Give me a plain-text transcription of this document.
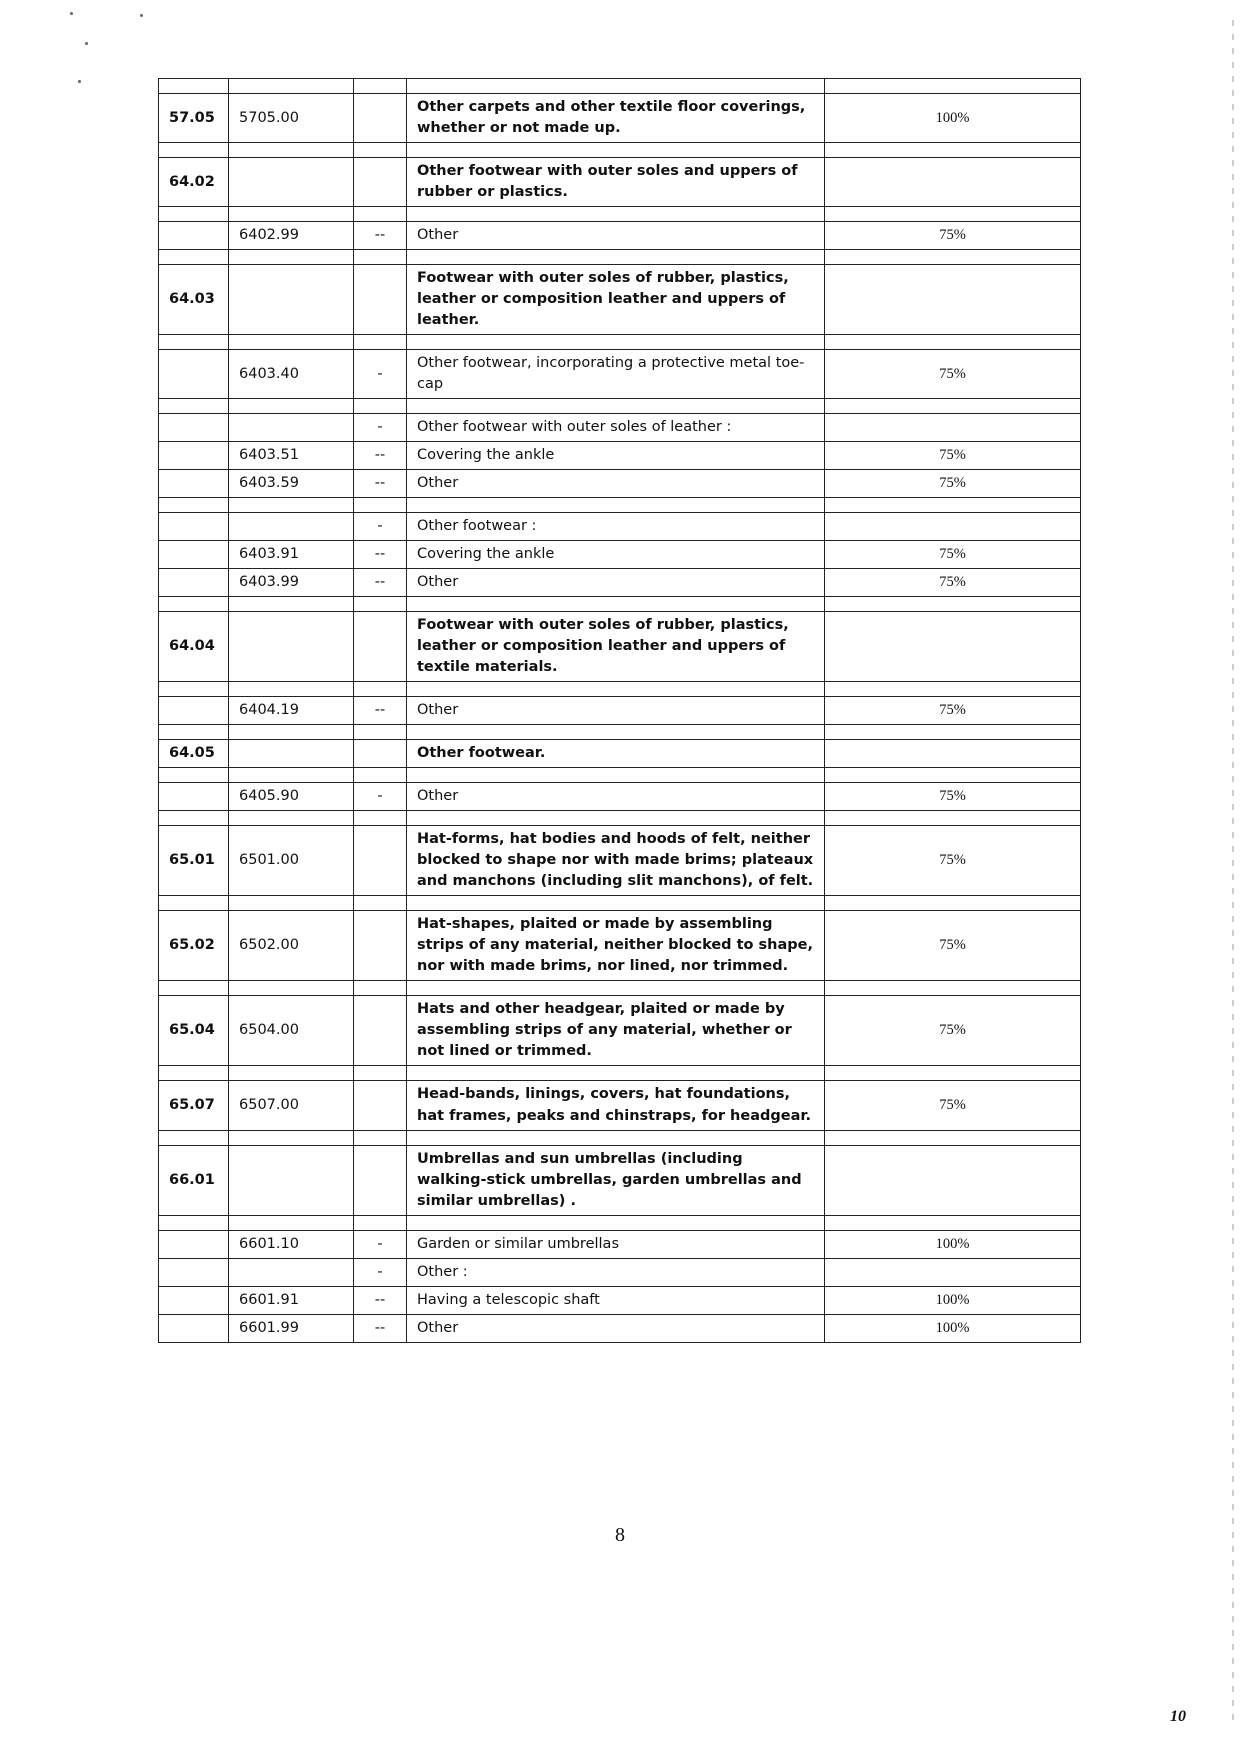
57.05	5705.00		Other carpets and other textile floor coverings, whether or not made up.	100%

64.02			Other footwear with outer soles and uppers of rubber or plastics.	

	6402.99	--	Other	75%

64.03			Footwear with outer soles of rubber, plastics, leather or composition leather and uppers of leather.	

	6403.40	-	Other footwear, incorporating a protective metal toe-cap	75%

		-	Other footwear with outer soles of leather :	
	6403.51	--	Covering the ankle	75%
	6403.59	--	Other	75%

		-	Other footwear :	
	6403.91	--	Covering the ankle	75%
	6403.99	--	Other	75%

64.04			Footwear with outer soles of rubber, plastics, leather or composition leather and uppers of textile materials.	

	6404.19	--	Other	75%

64.05			Other footwear.	

	6405.90	-	Other	75%

65.01	6501.00		Hat-forms, hat bodies and hoods of felt, neither blocked to shape nor with made brims; plateaux and manchons (including slit manchons), of felt.	75%

65.02	6502.00		Hat-shapes, plaited or made by assembling strips of any material, neither blocked to shape, nor with made brims, nor lined, nor trimmed.	75%

65.04	6504.00		Hats and other headgear, plaited or made by assembling strips of any material, whether or not lined or trimmed.	75%

65.07	6507.00		Head-bands, linings, covers, hat foundations, hat frames, peaks and chinstraps, for headgear.	75%

66.01			Umbrellas and sun umbrellas (including walking-stick umbrellas, garden umbrellas and similar umbrellas) .	

	6601.10	-	Garden or similar umbrellas	100%
		-	Other :	
	6601.91	--	Having a telescopic shaft	100%
	6601.99	--	Other	100%
8
10
